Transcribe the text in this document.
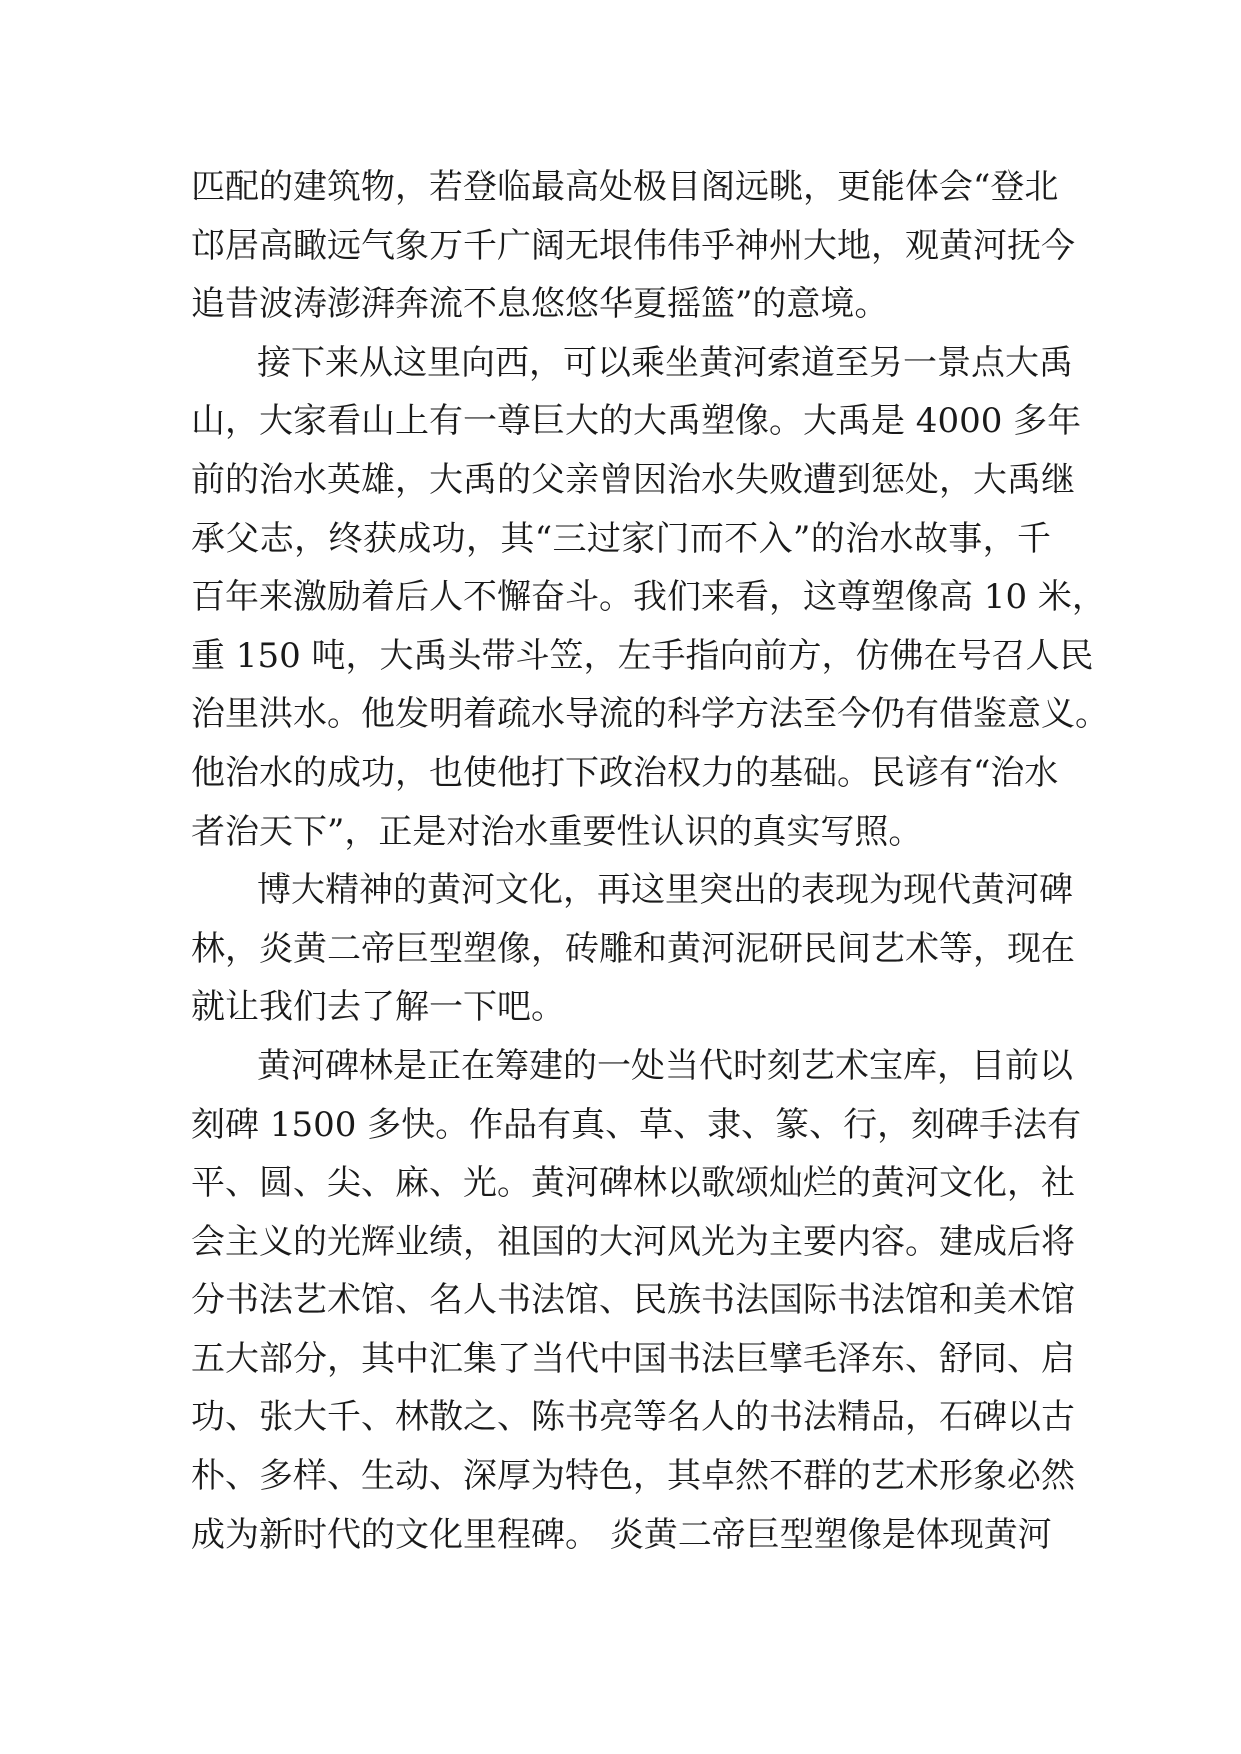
匹配的建筑物，若登临最高处极目阁远眺，更能体会“登北
邙居高瞰远气象万千广阔无垠伟伟乎神州大地，观黄河抚今
追昔波涛澎湃奔流不息悠悠华夏摇篮”的意境。
接下来从这里向西，可以乘坐黄河索道至另一景点大禹
山，大家看山上有一尊巨大的大禹塑像。大禹是 4000 多年
前的治水英雄，大禹的父亲曾因治水失败遭到惩处，大禹继
承父志，终获成功，其“三过家门而不入”的治水故事，千
百年来激励着后人不懈奋斗。我们来看，这尊塑像高 10 米，
重 150 吨，大禹头带斗笠，左手指向前方，仿佛在号召人民
治里洪水。他发明着疏水导流的科学方法至今仍有借鉴意义。
他治水的成功，也使他打下政治权力的基础。民谚有“治水
者治天下”，正是对治水重要性认识的真实写照。
博大精神的黄河文化，再这里突出的表现为现代黄河碑
林，炎黄二帝巨型塑像，砖雕和黄河泥研民间艺术等，现在
就让我们去了解一下吧。
黄河碑林是正在筹建的一处当代时刻艺术宝库，目前以
刻碑 1500 多快。作品有真、草、隶、篆、行，刻碑手法有
平、圆、尖、麻、光。黄河碑林以歌颂灿烂的黄河文化，社
会主义的光辉业绩，祖国的大河风光为主要内容。建成后将
分书法艺术馆、名人书法馆、民族书法国际书法馆和美术馆
五大部分，其中汇集了当代中国书法巨擘毛泽东、舒同、启
功、张大千、林散之、陈书亮等名人的书法精品，石碑以古
朴、多样、生动、深厚为特色，其卓然不群的艺术形象必然
成为新时代的文化里程碑。 炎黄二帝巨型塑像是体现黄河
